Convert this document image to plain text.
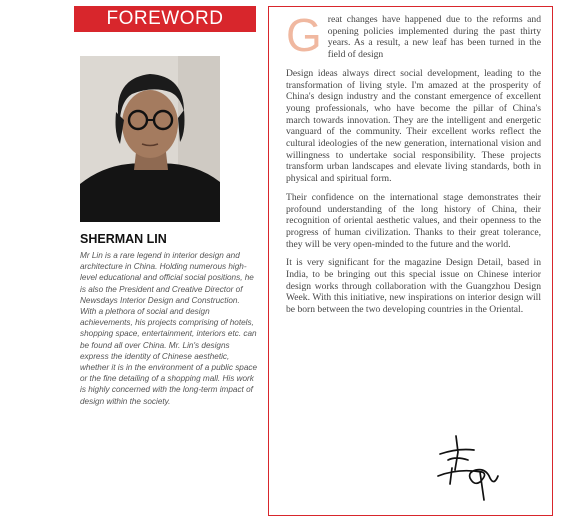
FOREWORD
SHERMAN LIN

Mr Lin is a rare legend in interior design and architecture in China. Holding numerous high-level educational and official social positions, he is also the President and Creative Director of Newsdays Interior Design and Construction. With a plethora of social and design achievements, his projects comprising of hotels, shopping space, entertainment, interiors etc. can be found all over China. Mr. Lin's designs express the identity of Chinese aesthetic, whether it is in the environment of a public space or the fine detailing of a shopping mall. His work is highly concerned with the long-term impact of design within the society.

G reat changes have happened due to the reforms and opening policies implemented during the past thirty years. As a result, a new leaf has been turned in the field of design

Design ideas always direct social development, leading to the transformation of living style. I'm amazed at the prosperity of China's design industry and the constant emergence of excellent young professionals, who have become the pillar of China's march towards innovation. They are the intelligent and energetic vanguard of the community. Their excellent works reflect the cultural ideologies of the new generation, international vision and willingness to undertake social responsibility. These projects transform urban landscapes and elevate living standards, both in physical and spiritual form.

Their confidence on the international stage demonstrates their profound understanding of the long history of China, their recognition of oriental aesthetic values, and their openness to the progress of human civilization. Thanks to their great tolerance, they will be very open-minded to the future and the world.

It is very significant for the magazine Design Detail, based in India, to be bringing out this special issue on Chinese interior design works through collaboration with the Guangzhou Design Week. With this initiative, new inspirations on interior design will be born between the two developing countries in the Oriental.
